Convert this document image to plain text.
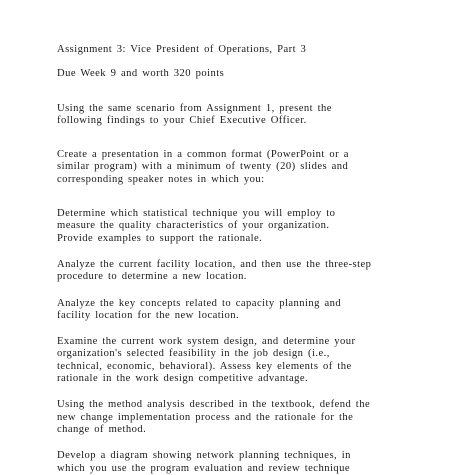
Assignment 3: Vice President of Operations, Part 3

Due Week 9 and worth 320 points

Using the same scenario from Assignment 1, present the
following findings to your Chief Executive Officer.

Create a presentation in a common format (PowerPoint or a
similar program) with a minimum of twenty (20) slides and
corresponding speaker notes in which you:

Determine which statistical technique you will employ to
measure the quality characteristics of your organization.
Provide examples to support the rationale.

Analyze the current facility location, and then use the three-step
procedure to determine a new location.

Analyze the key concepts related to capacity planning and
facility location for the new location.

Examine the current work system design, and determine your
organization's selected feasibility in the job design (i.e.,
technical, economic, behavioral). Assess key elements of the
rationale in the work design competitive advantage.

Using the method analysis described in the textbook, defend the
new change implementation process and the rationale for the
change of method.

Develop a diagram showing network planning techniques, in
which you use the program evaluation and review technique
